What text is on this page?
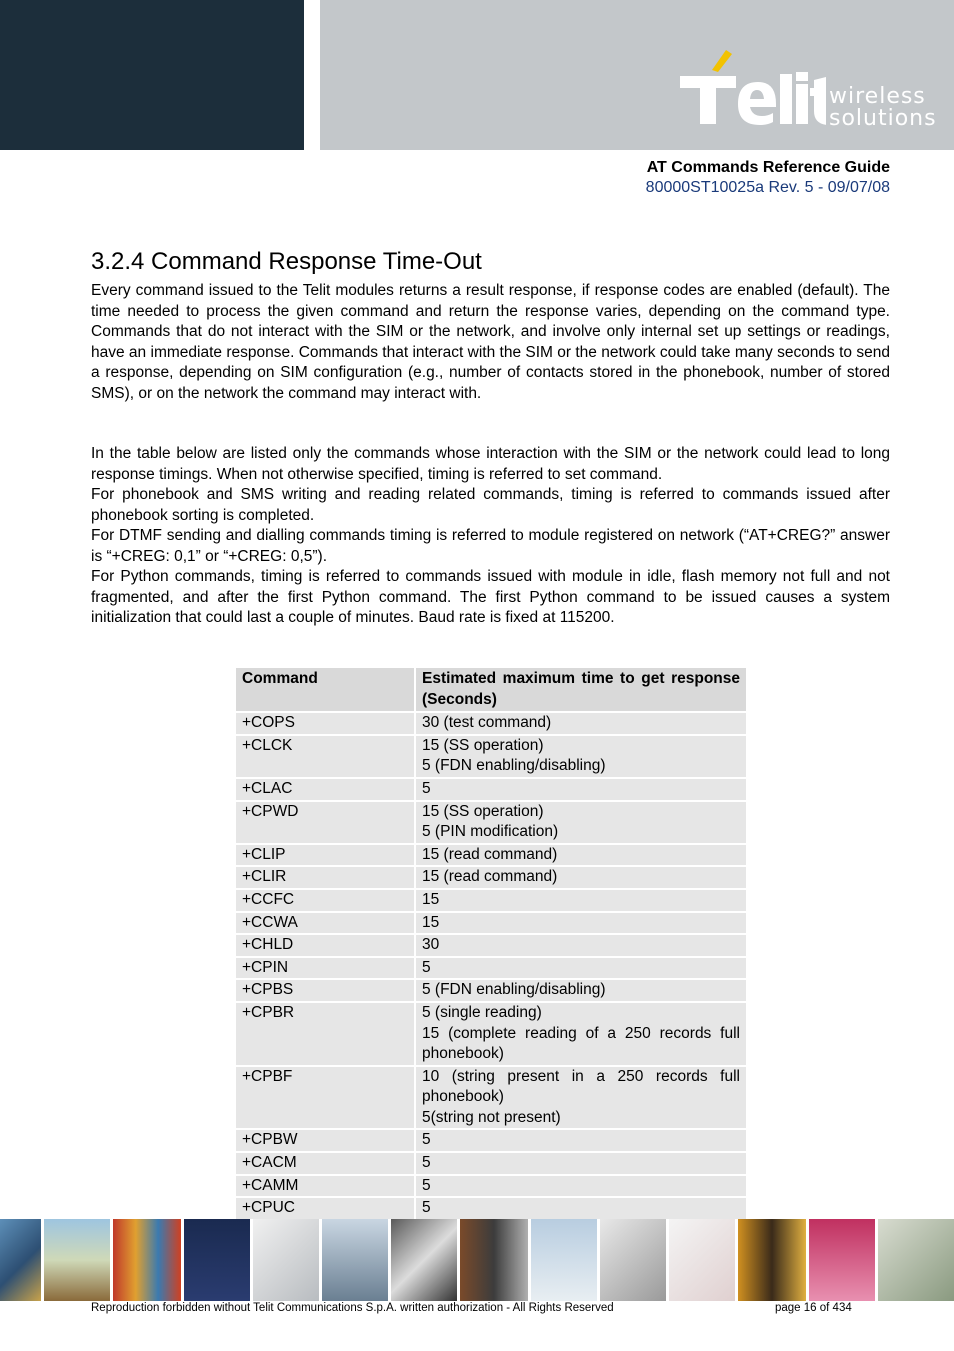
wireless
solutions
AT Commands Reference Guide
80000ST10025a Rev. 5 - 09/07/08
3.2.4 Command Response Time-Out
Every command issued to the Telit modules returns a result response, if response codes are enabled (default). The time needed to process the given command and return the response varies, depending on the command type. Commands that do not interact with the SIM or the network, and involve only internal set up settings or readings, have an immediate response. Commands that interact with the SIM or the network could take many seconds to send a response, depending on SIM configuration (e.g., number of contacts stored in the phonebook, number of stored SMS), or on the network the command may interact with.
In the table below are listed only the commands whose interaction with the SIM or the network could lead to long response timings. When not otherwise specified, timing is referred to set command.
For phonebook and SMS writing and reading related commands, timing is referred to commands issued after phonebook sorting is completed.
For DTMF sending and dialling commands timing is referred to module registered on network (“AT+CREG?” answer is “+CREG: 0,1” or “+CREG: 0,5”).
For Python commands, timing is referred to commands issued with module in idle, flash memory not full and not fragmented, and after the first Python command. The first Python command to be issued causes a system initialization that could last a couple of minutes. Baud rate is fixed at 115200.
Command	Estimated maximum time to get response (Seconds)
+COPS	30 (test command)

+CLCK	15 (SS operation)
5 (FDN enabling/disabling)

+CLAC	5

+CPWD	15 (SS operation)
5 (PIN modification)

+CLIP	15 (read command)

+CLIR	15 (read command)

+CCFC	15

+CCWA	15

+CHLD	30

+CPIN	5

+CPBS	5 (FDN enabling/disabling)

+CPBR	5 (single reading)
15 (complete reading of a 250 records full phonebook)

+CPBF	10 (string present in a 250 records full phonebook)
5(string not present)

+CPBW	5

+CACM	5

+CAMM	5

+CPUC	5
Reproduction forbidden without Telit Communications S.p.A. written authorization - All Rights Reserved	page 16 of 434
